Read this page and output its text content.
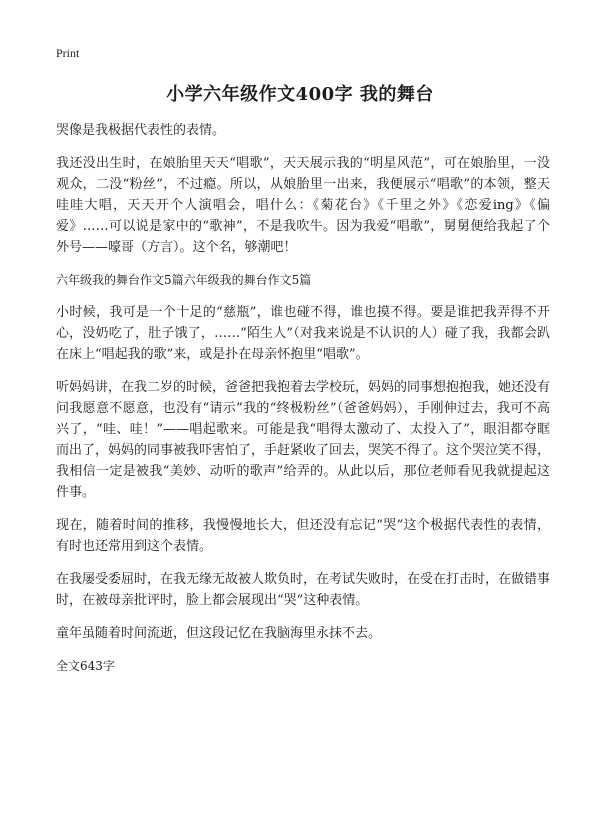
Print
小学六年级作文400字 我的舞台

哭像是我极据代表性的表情。

我还没出生时，在娘胎里天天“唱歌”，天天展示我的“明星风范”，可在娘胎里，一没观众，二没“粉丝”，不过瘾。所以，从娘胎里一出来，我便展示“唱歌”的本领，整天哇哇大唱，天天开个人演唱会，唱什么：《菊花台》《千里之外》《恋爱ing》《偏爱》……可以说是家中的“歌神”，不是我吹牛。因为我爱“唱歌”，舅舅便给我起了个外号——嚎哥（方言）。这个名，够潮吧！

六年级我的舞台作文5篇六年级我的舞台作文5篇

小时候，我可是一个十足的“慈瓶”，谁也碰不得，谁也摸不得。要是谁把我弄得不开心，没奶吃了，肚子饿了，……“陌生人”（对我来说是不认识的人）碰了我，我都会趴在床上“唱起我的歌”来，或是扑在母亲怀抱里“唱歌”。

听妈妈讲，在我二岁的时候，爸爸把我抱着去学校玩，妈妈的同事想抱抱我，她还没有问我愿意不愿意，也没有“请示”我的“终极粉丝”（爸爸妈妈），手刚伸过去，我可不高兴了，“哇、哇！”——唱起歌来。可能是我“唱得太激动了、太投入了”，眼泪都夺眶而出了，妈妈的同事被我吓害怕了，手赶紧收了回去，哭笑不得了。这个哭泣笑不得，我相信一定是被我“美妙、动听的歌声”给弄的。从此以后，那位老师看见我就提起这件事。

现在，随着时间的推移，我慢慢地长大，但还没有忘记“哭”这个极据代表性的表情，有时也还常用到这个表情。

在我屡受委屈时，在我无缘无故被人欺负时，在考试失败时，在受在打击时，在做错事时，在被母亲批评时，脸上都会展现出“哭”这种表情。

童年虽随着时间流逝，但这段记忆在我脑海里永抹不去。

全文643字
